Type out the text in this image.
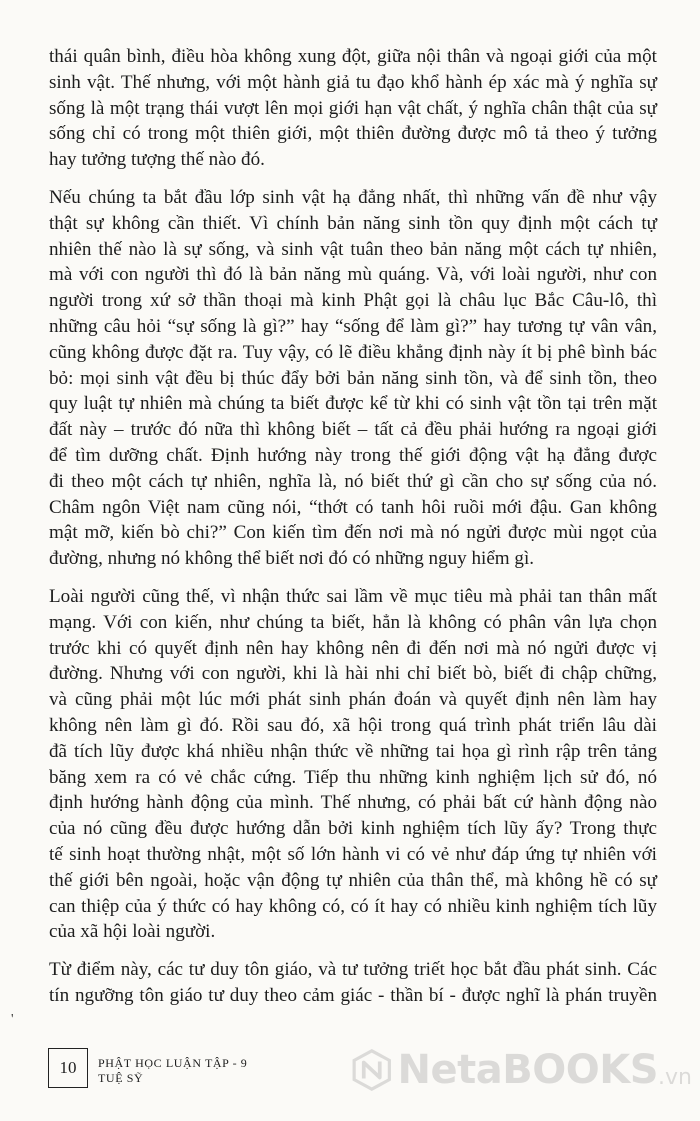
thái quân bình, điều hòa không xung đột, giữa nội thân và ngoại giới của một
sinh vật. Thế nhưng, với một hành giả tu đạo khổ hành ép xác mà ý nghĩa sự
sống là một trạng thái vượt lên mọi giới hạn vật chất, ý nghĩa chân thật của sự
sống chỉ có trong một thiên giới, một thiên đường được mô tả theo ý tưởng
hay tưởng tượng thế nào đó.

Nếu chúng ta bắt đầu lớp sinh vật hạ đẳng nhất, thì những vấn đề như vậy
thật sự không cần thiết. Vì chính bản năng sinh tồn quy định một cách tự
nhiên thế nào là sự sống, và sinh vật tuân theo bản năng một cách tự nhiên,
mà với con người thì đó là bản năng mù quáng. Và, với loài người, như con
người trong xứ sở thần thoại mà kinh Phật gọi là châu lục Bắc Câu-lô, thì
những câu hỏi “sự sống là gì?” hay “sống để làm gì?” hay tương tự vân vân,
cũng không được đặt ra. Tuy vậy, có lẽ điều khẳng định này ít bị phê bình bác
bỏ: mọi sinh vật đều bị thúc đẩy bởi bản năng sinh tồn, và để sinh tồn, theo
quy luật tự nhiên mà chúng ta biết được kể từ khi có sinh vật tồn tại trên mặt
đất này – trước đó nữa thì không biết – tất cả đều phải hướng ra ngoại giới
để tìm dưỡng chất. Định hướng này trong thế giới động vật hạ đẳng được
đi theo một cách tự nhiên, nghĩa là, nó biết thứ gì cần cho sự sống của nó.
Châm ngôn Việt nam cũng nói, “thớt có tanh hôi ruồi mới đậu. Gan không
mật mỡ, kiến bò chi?” Con kiến tìm đến nơi mà nó ngửi được mùi ngọt của
đường, nhưng nó không thể biết nơi đó có những nguy hiểm gì.

Loài người cũng thế, vì nhận thức sai lầm về mục tiêu mà phải tan thân mất
mạng. Với con kiến, như chúng ta biết, hẳn là không có phân vân lựa chọn
trước khi có quyết định nên hay không nên đi đến nơi mà nó ngửi được vị
đường. Nhưng với con người, khi là hài nhi chỉ biết bò, biết đi chập chững,
và cũng phải một lúc mới phát sinh phán đoán và quyết định nên làm hay
không nên làm gì đó. Rồi sau đó, xã hội trong quá trình phát triển lâu dài
đã tích lũy được khá nhiều nhận thức về những tai họa gì rình rập trên tảng
băng xem ra có vẻ chắc cứng. Tiếp thu những kinh nghiệm lịch sử đó, nó
định hướng hành động của mình. Thế nhưng, có phải bất cứ hành động nào
của nó cũng đều được hướng dẫn bởi kinh nghiệm tích lũy ấy? Trong thực
tế sinh hoạt thường nhật, một số lớn hành vi có vẻ như đáp ứng tự nhiên với
thế giới bên ngoài, hoặc vận động tự nhiên của thân thể, mà không hề có sự
can thiệp của ý thức có hay không có, có ít hay có nhiều kinh nghiệm tích lũy
của xã hội loài người.

Từ điểm này, các tư duy tôn giáo, và tư tưởng triết học bắt đầu phát sinh. Các
tín ngưỡng tôn giáo tư duy theo cảm giác - thần bí - được nghĩ là phán truyền

'
10 PHẬT HỌC LUẬN TẬP - 9
TUỆ SỸ	NetaBOOKS .vn
